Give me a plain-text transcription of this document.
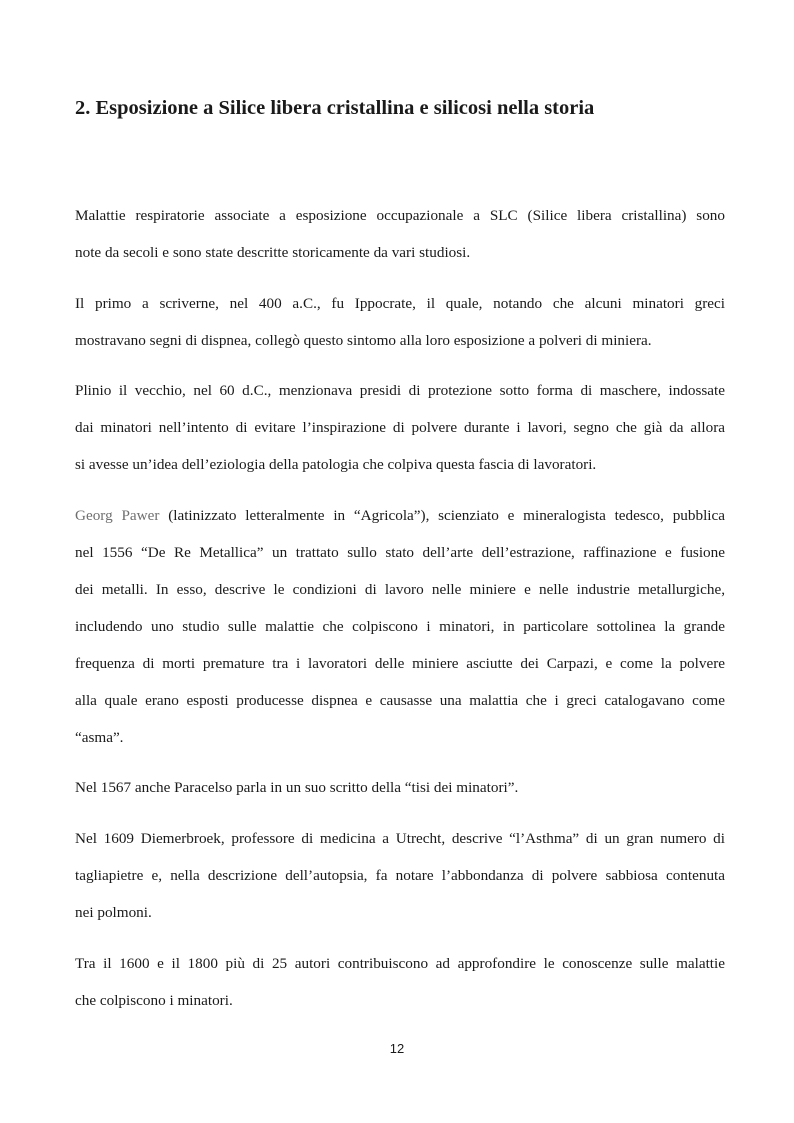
2. Esposizione a Silice libera cristallina e silicosi nella storia

Malattie respiratorie associate a esposizione occupazionale a SLC (Silice libera cristallina) sono
note da secoli e sono state descritte storicamente da vari studiosi.

Il primo a scriverne, nel 400 a.C., fu Ippocrate, il quale, notando che alcuni minatori greci
mostravano segni di dispnea, collegò questo sintomo alla loro esposizione a polveri di miniera.

Plinio il vecchio, nel 60 d.C., menzionava presidi di protezione sotto forma di maschere, indossate
dai minatori nell’intento di evitare l’inspirazione di polvere durante i lavori, segno che già da allora
si avesse un’idea dell’eziologia della patologia che colpiva questa fascia di lavoratori.

Georg Pawer (latinizzato letteralmente in “Agricola”), scienziato e mineralogista tedesco, pubblica
nel 1556 “De Re Metallica” un trattato sullo stato dell’arte dell’estrazione, raffinazione e fusione
dei metalli. In esso, descrive le condizioni di lavoro nelle miniere e nelle industrie metallurgiche,
includendo uno studio sulle malattie che colpiscono i minatori, in particolare sottolinea la grande
frequenza di morti premature tra i lavoratori delle miniere asciutte dei Carpazi, e come la polvere
alla quale erano esposti producesse dispnea e causasse una malattia che i greci catalogavano come
“asma”.

Nel 1567 anche Paracelso parla in un suo scritto della “tisi dei minatori”.

Nel 1609 Diemerbroek, professore di medicina a Utrecht, descrive “l’Asthma” di un gran numero di
tagliapietre e, nella descrizione dell’autopsia, fa notare l’abbondanza di polvere sabbiosa contenuta
nei polmoni.

Tra il 1600 e il 1800 più di 25 autori contribuiscono ad approfondire le conoscenze sulle malattie
che colpiscono i minatori.

12
